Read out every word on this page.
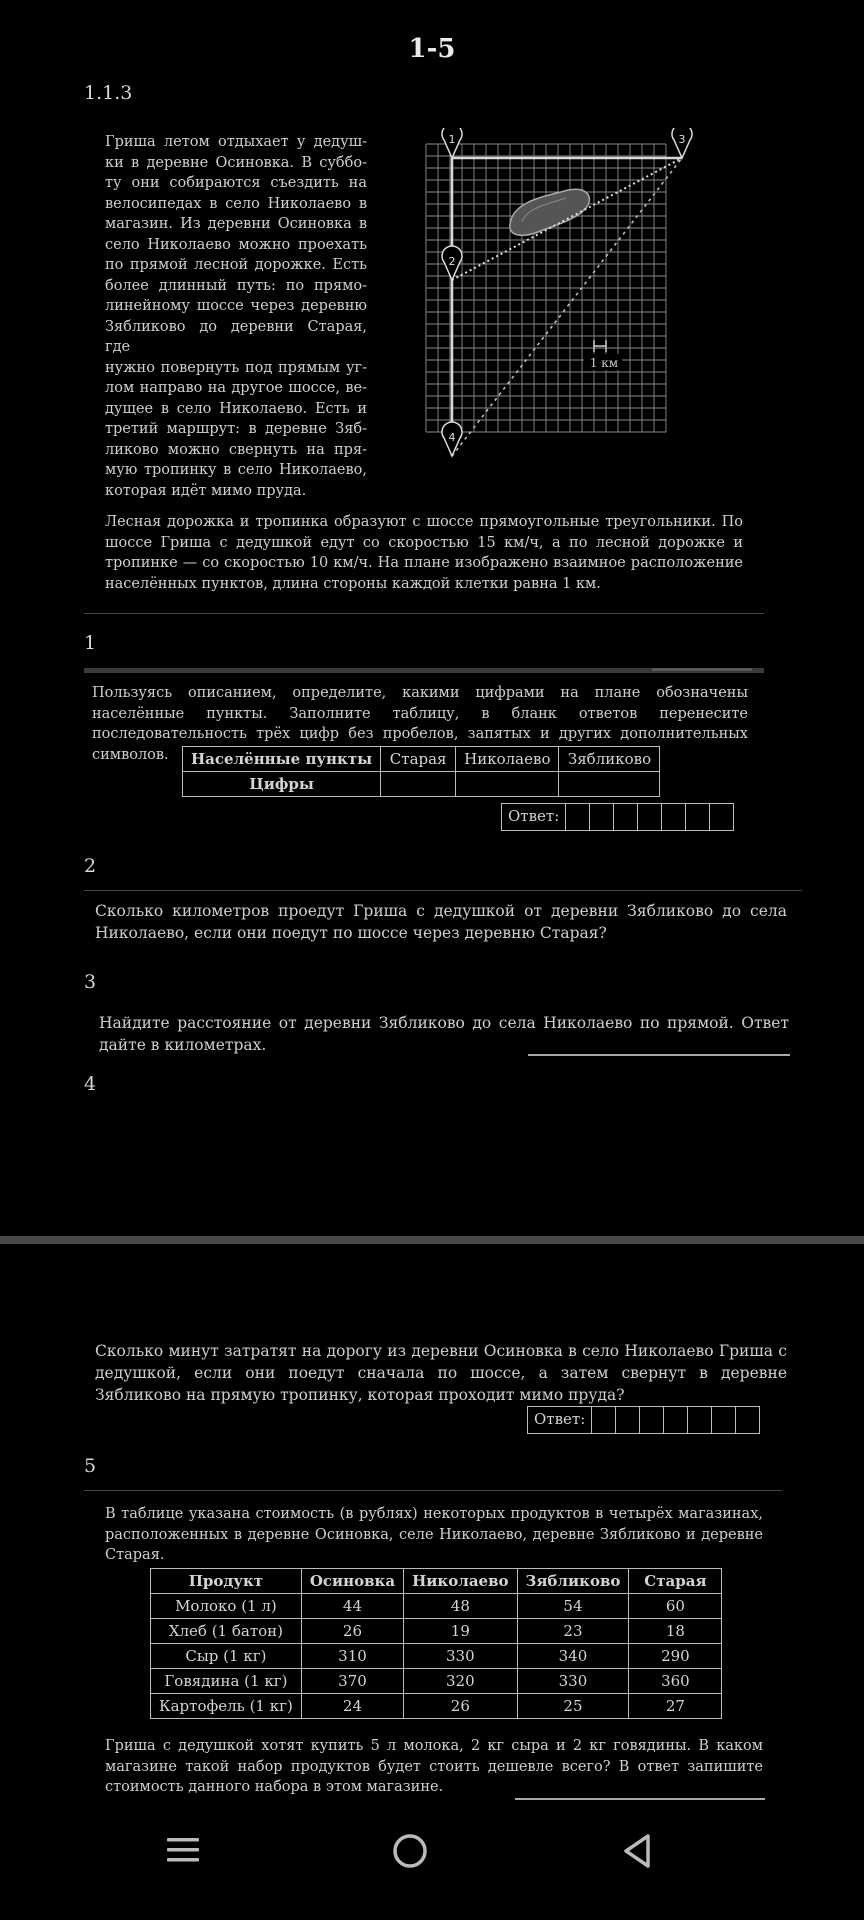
1-5
1.1.3
Гриша летом отдыхает у дедуш-
ки в деревне Осиновка. В суббо-
ту они собираются съездить на
велосипедах в село Николаево в
магазин. Из деревни Осиновка в
село Николаево можно проехать
по прямой лесной дорожке. Есть
более длинный путь: по прямо-
линейному шоссе через деревню
Зябликово до деревни Старая, где
нужно повернуть под прямым уг-
лом направо на другое шоссе, ве-
дущее в село Николаево. Есть и
третий маршрут: в деревне Зяб-
ликово можно свернуть на пря-
мую тропинку в село Николаево,
которая идёт мимо пруда.
1 км
1
2
3
4
Лесная дорожка и тропинка образуют с шоссе прямоугольные треугольники. По шоссе Гриша с дедушкой едут со скоростью 15 км/ч, а по лесной дорожке и тропинке — со скоростью 10 км/ч. На плане изображено взаимное расположение населённых пунктов, длина стороны каждой клетки равна 1 км.
1
Пользуясь описанием, определите, какими цифрами на плане обозначены населённые пункты. Заполните таблицу, в бланк ответов перенесите последовательность трёх цифр без пробелов, запятых и других дополнительных символов.	Населённые пункты	Старая	Николаево	Зябликово
Цифры			
Ответ:
2
Сколько километров проедут Гриша с дедушкой от деревни Зябликово до села Николаево, если они поедут по шоссе через деревню Старая?
3
Найдите расстояние от деревни Зябликово до села Николаево по прямой. Ответ дайте в километрах.
4
Сколько минут затратят на дорогу из деревни Осиновка в село Николаево Гриша с дедушкой, если они поедут сначала по шоссе, а затем свернут в деревне Зябликово на прямую тропинку, которая проходит мимо пруда?
Ответ:
5
В таблице указана стоимость (в рублях) некоторых продуктов в четырёх магазинах, расположенных в деревне Осиновка, селе Николаево, деревне Зябликово и деревне Старая.
Продукт	Осиновка	Николаево	Зябликово	Старая
Молоко (1 л)	44	48	54	60
Хлеб (1 батон)	26	19	23	18
Сыр (1 кг)	310	330	340	290
Говядина (1 кг)	370	320	330	360
Картофель (1 кг)	24	26	25	27
Гриша с дедушкой хотят купить 5 л молока, 2 кг сыра и 2 кг говядины. В каком магазине такой набор продуктов будет стоить дешевле всего? В ответ запишите стоимость данного набора в этом магазине.
